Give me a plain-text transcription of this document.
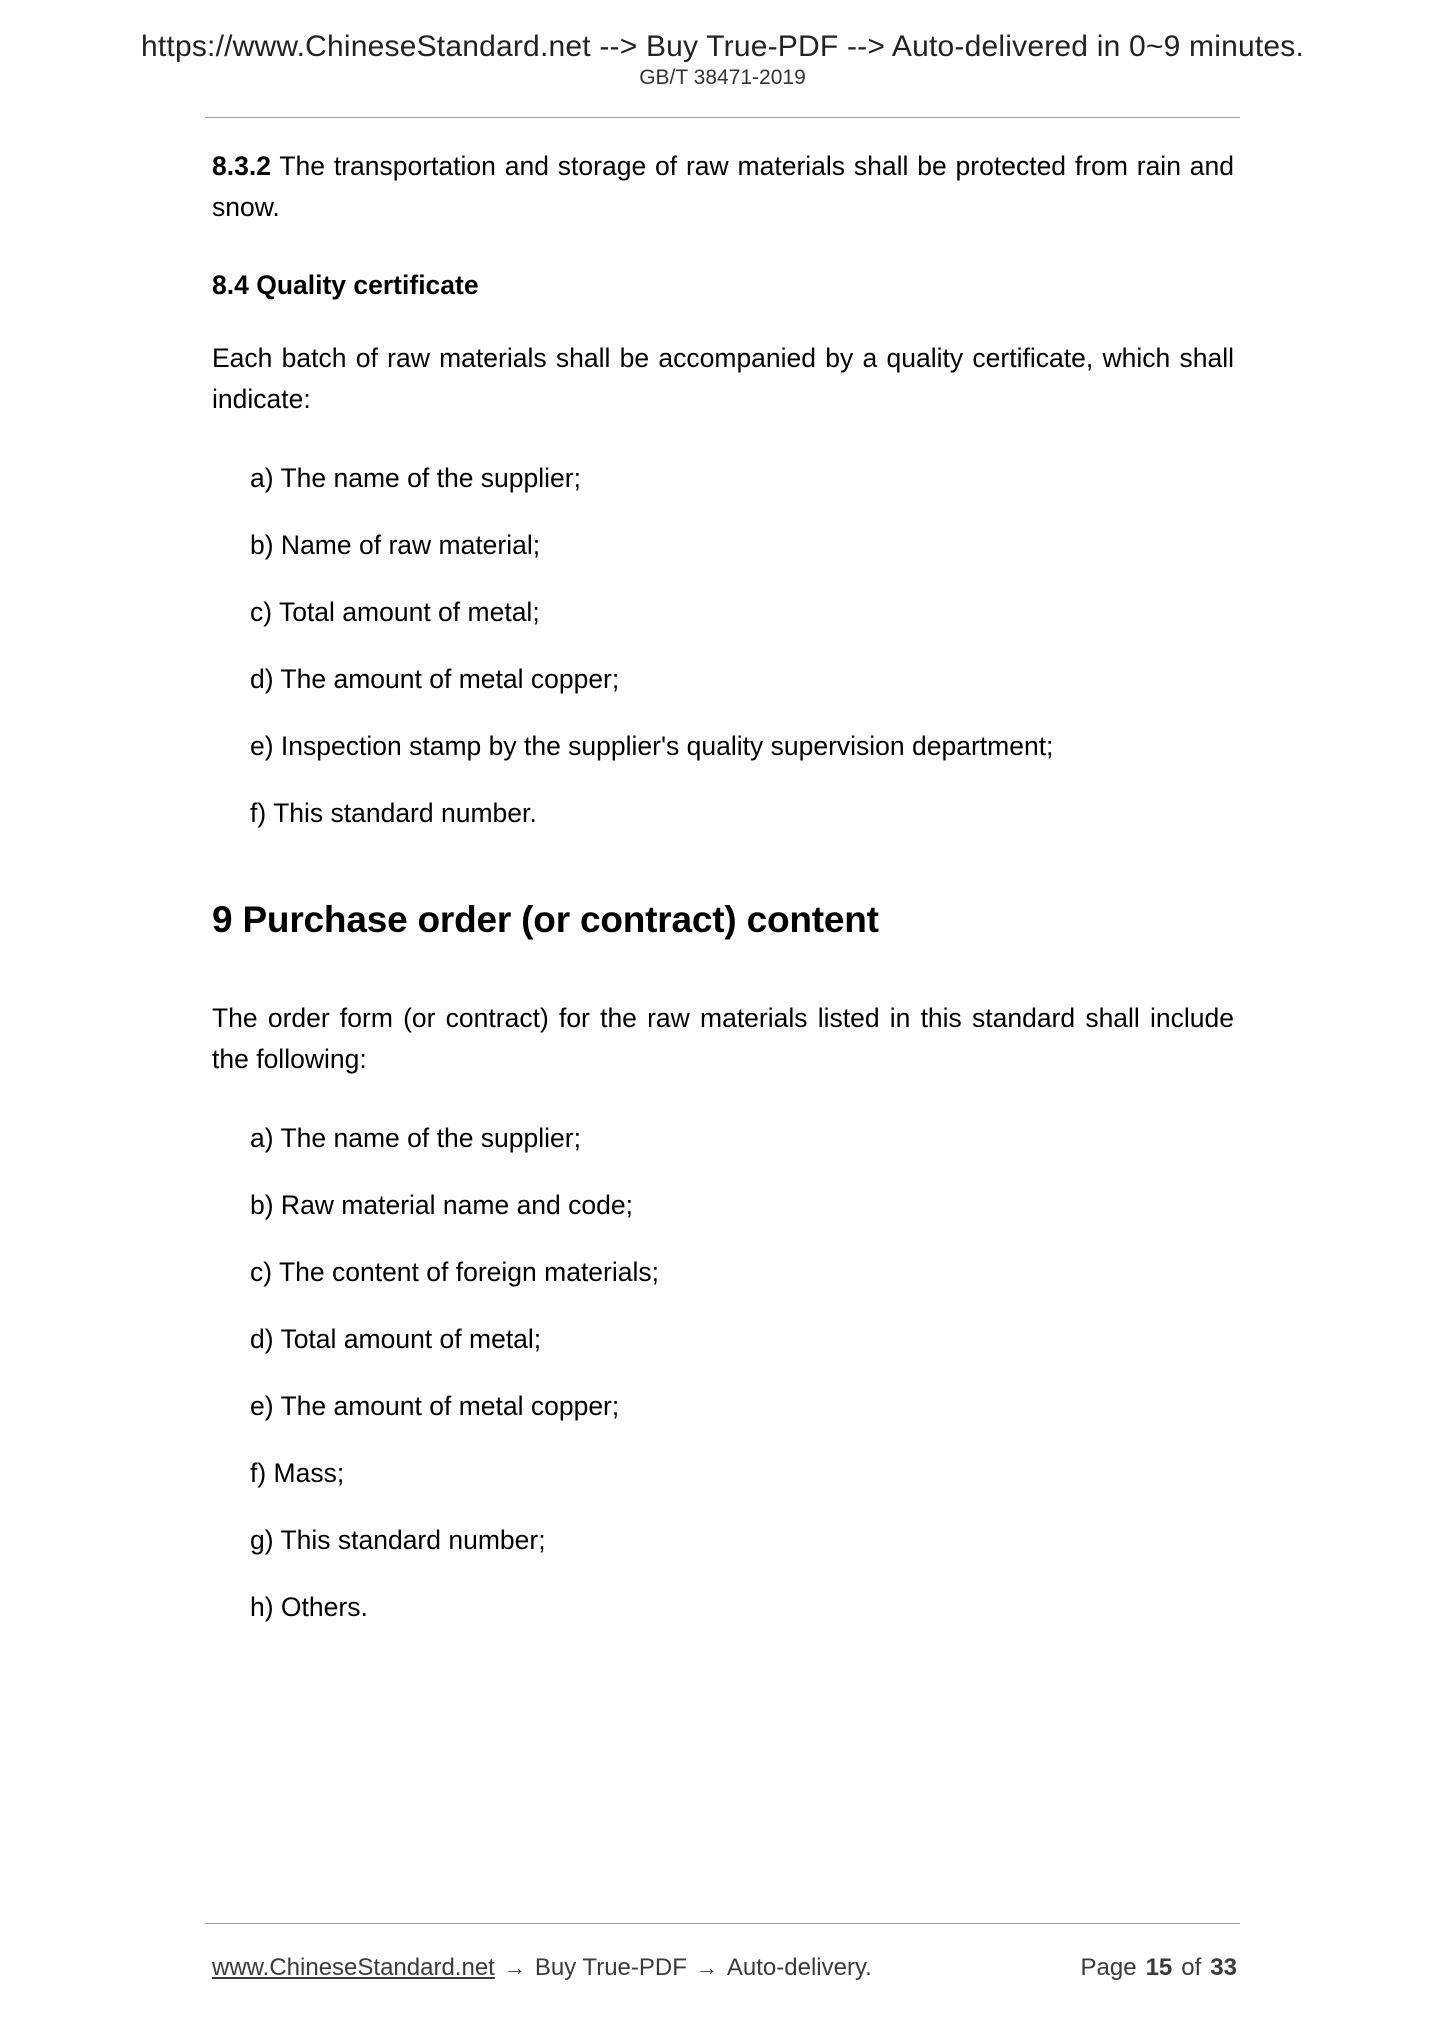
https://www.ChineseStandard.net --> Buy True-PDF --> Auto-delivered in 0~9 minutes.
GB/T 38471-2019

8.3.2 The transportation and storage of raw materials shall be protected from rain and snow.

8.4 Quality certificate

Each batch of raw materials shall be accompanied by a quality certificate, which shall indicate:

a) The name of the supplier;
b) Name of raw material;
c) Total amount of metal;
d) The amount of metal copper;
e) Inspection stamp by the supplier's quality supervision department;
f) This standard number.
9 Purchase order (or contract) content

The order form (or contract) for the raw materials listed in this standard shall include the following:

a) The name of the supplier;
b) Raw material name and code;
c) The content of foreign materials;
d) Total amount of metal;
e) The amount of metal copper;
f) Mass;
g) This standard number;
h) Others.
www.ChineseStandard.net → Buy True-PDF → Auto-delivery.	Page 15 of 33
